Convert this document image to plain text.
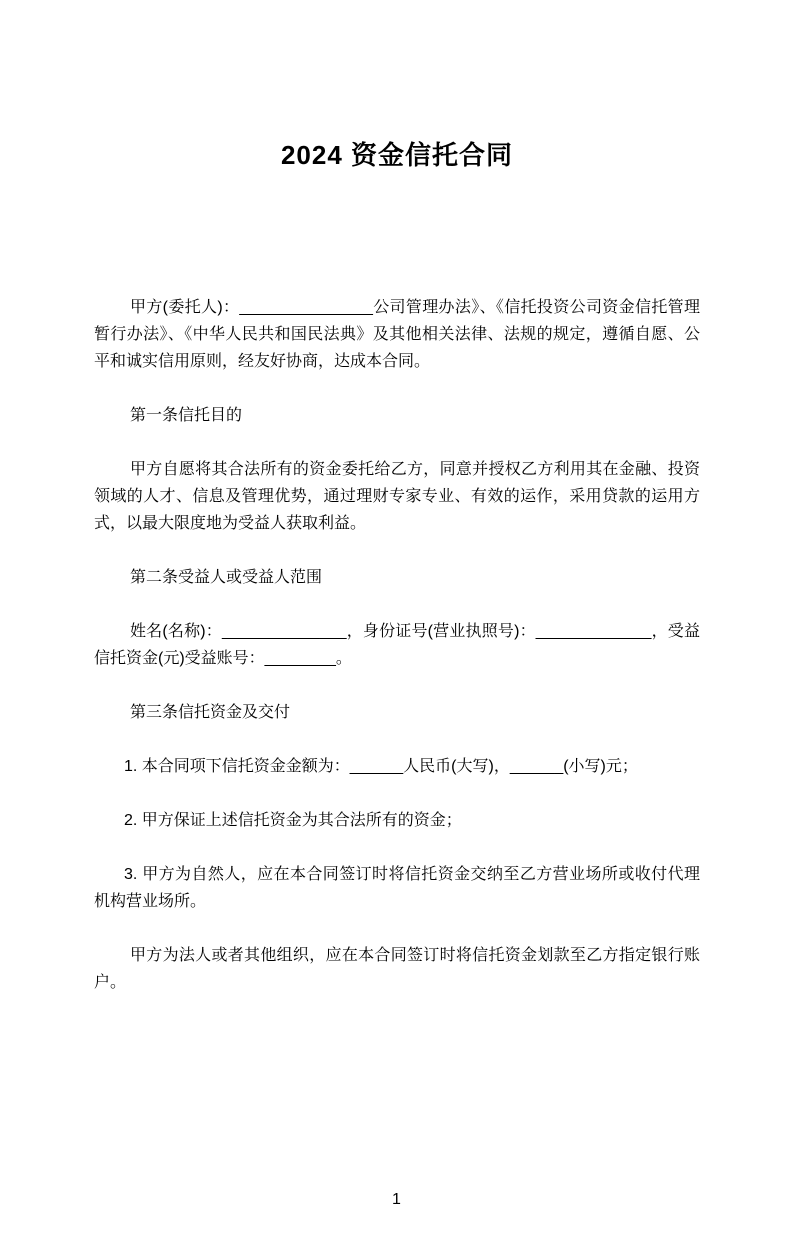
2024 资金信托合同

甲方(委托人)：_______________公司管理办法》、《信托投资公司资金信托管理暂行办法》、《中华人民共和国民法典》及其他相关法律、法规的规定，遵循自愿、公平和诚实信用原则，经友好协商，达成本合同。

第一条信托目的

甲方自愿将其合法所有的资金委托给乙方，同意并授权乙方利用其在金融、投资领域的人才、信息及管理优势，通过理财专家专业、有效的运作，采用贷款的运用方式，以最大限度地为受益人获取利益。

第二条受益人或受益人范围

姓名(名称)：______________，身份证号(营业执照号)：_____________，受益信托资金(元)受益账号：________。

第三条信托资金及交付

1. 本合同项下信托资金金额为：______人民币(大写)，______(小写)元；

2. 甲方保证上述信托资金为其合法所有的资金；

3. 甲方为自然人，应在本合同签订时将信托资金交纳至乙方营业场所或收付代理机构营业场所。

甲方为法人或者其他组织，应在本合同签订时将信托资金划款至乙方指定银行账户。

1
